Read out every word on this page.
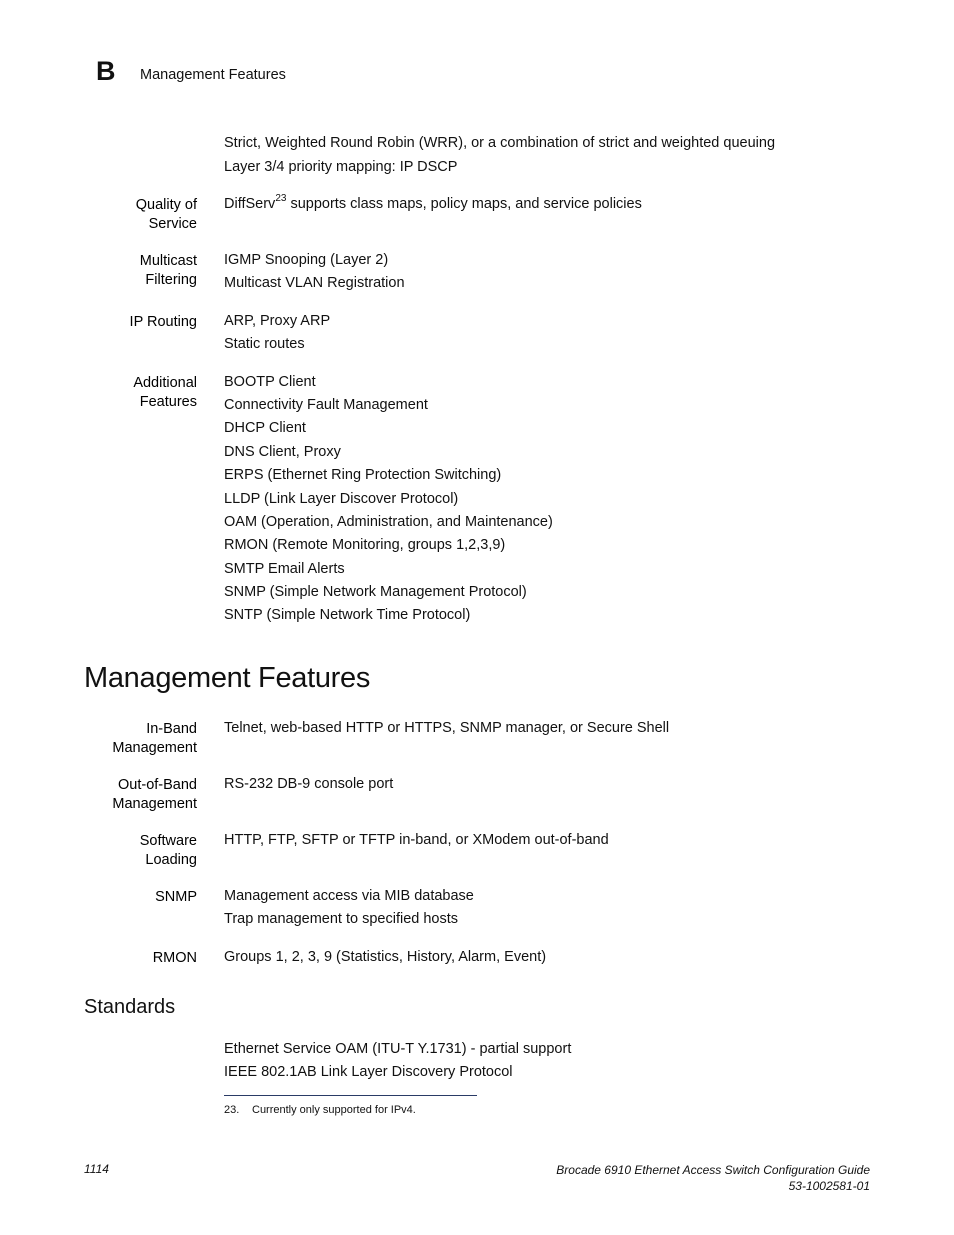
B Management Features
Strict, Weighted Round Robin (WRR), or a combination of strict and weighted queuing
Layer 3/4 priority mapping: IP DSCP
Quality of
Service
DiffServ$^{23}$ supports class maps, policy maps, and service policies
Multicast
Filtering
IGMP Snooping (Layer 2)
Multicast VLAN Registration
IP Routing ARP, Proxy ARP
Static routes
Additional
Features
BOOTP Client
Connectivity Fault Management
DHCP Client
DNS Client, Proxy
ERPS (Ethernet Ring Protection Switching)
LLDP (Link Layer Discover Protocol)
OAM (Operation, Administration, and Maintenance)
RMON (Remote Monitoring, groups 1,2,3,9)
SMTP Email Alerts
SNMP (Simple Network Management Protocol)
SNTP (Simple Network Time Protocol)
Management Features
In-Band
Management
Telnet, web-based HTTP or HTTPS, SNMP manager, or Secure Shell
Out-of-Band
Management
RS-232 DB-9 console port
Software
Loading
HTTP, FTP, SFTP or TFTP in-band, or XModem out-of-band
SNMP Management access via MIB database
Trap management to specified hosts
RMON Groups 1, 2, 3, 9 (Statistics, History, Alarm, Event)
Standards
Ethernet Service OAM (ITU-T Y.1731) - partial support
IEEE 802.1AB Link Layer Discovery Protocol
23. Currently only supported for IPv4.
1114	Brocade 6910 Ethernet Access Switch Configuration Guide
53-1002581-01
